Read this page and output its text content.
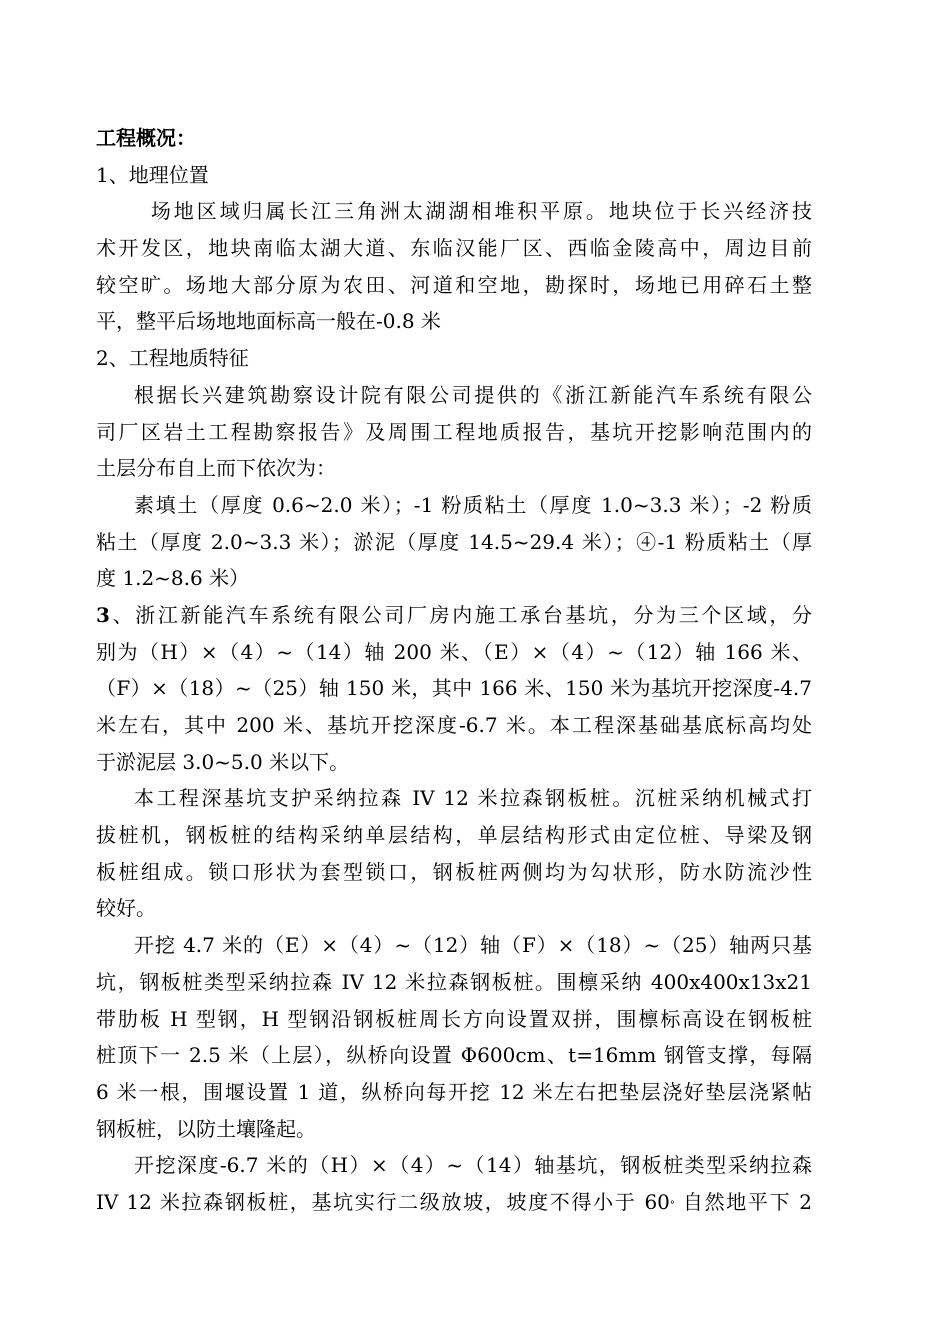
工程概况：
1、地理位置
　场地区域归属长江三角洲太湖湖相堆积平原。地块位于长兴经济技
术开发区，地块南临太湖大道、东临汉能厂区、西临金陵高中，周边目前
较空旷。场地大部分原为农田、河道和空地，勘探时，场地已用碎石土整
平，整平后场地地面标高一般在-0.8 米
2、工程地质特征
根据长兴建筑勘察设计院有限公司提供的《浙江新能汽车系统有限公
司厂区岩土工程勘察报告》及周围工程地质报告，基坑开挖影响范围内的
土层分布自上而下依次为：
素填土（厚度 0.6~2.0 米）；-1 粉质粘土（厚度 1.0~3.3 米）；-2 粉质
粘土（厚度 2.0~3.3 米）；淤泥（厚度 14.5~29.4 米）；④-1 粉质粘土（厚
度 1.2~8.6 米）
3、浙江新能汽车系统有限公司厂房内施工承台基坑，分为三个区域，分
别为（H）×（4）~（14）轴 200 米、（E）×（4）~（12）轴 166 米、
（F）×（18）~（25）轴 150 米，其中 166 米、150 米为基坑开挖深度-4.7
米左右，其中 200 米、基坑开挖深度-6.7 米。本工程深基础基底标高均处
于淤泥层 3.0~5.0 米以下。
本工程深基坑支护采纳拉森 IV 12 米拉森钢板桩。沉桩采纳机械式打
拔桩机，钢板桩的结构采纳单层结构，单层结构形式由定位桩、导梁及钢
板桩组成。锁口形状为套型锁口，钢板桩两侧均为勾状形，防水防流沙性
较好。
开挖 4.7 米的（E）×（4）~（12）轴（F）×（18）~（25）轴两只基
坑，钢板桩类型采纳拉森 IV 12 米拉森钢板桩。围檩采纳 400x400x13x21
带肋板 H 型钢，H 型钢沿钢板桩周长方向设置双拼，围檩标高设在钢板桩
桩顶下一 2.5 米（上层），纵桥向设置 Φ600cm、t=16mm 钢管支撑，每隔
6 米一根，围堰设置 1 道，纵桥向每开挖 12 米左右把垫层浇好垫层浇紧帖
钢板桩，以防土壤隆起。
开挖深度-6.7 米的（H）×（4）~（14）轴基坑，钢板桩类型采纳拉森
IV 12 米拉森钢板桩，基坑实行二级放坡，坡度不得小于 60° 自然地平下 2
